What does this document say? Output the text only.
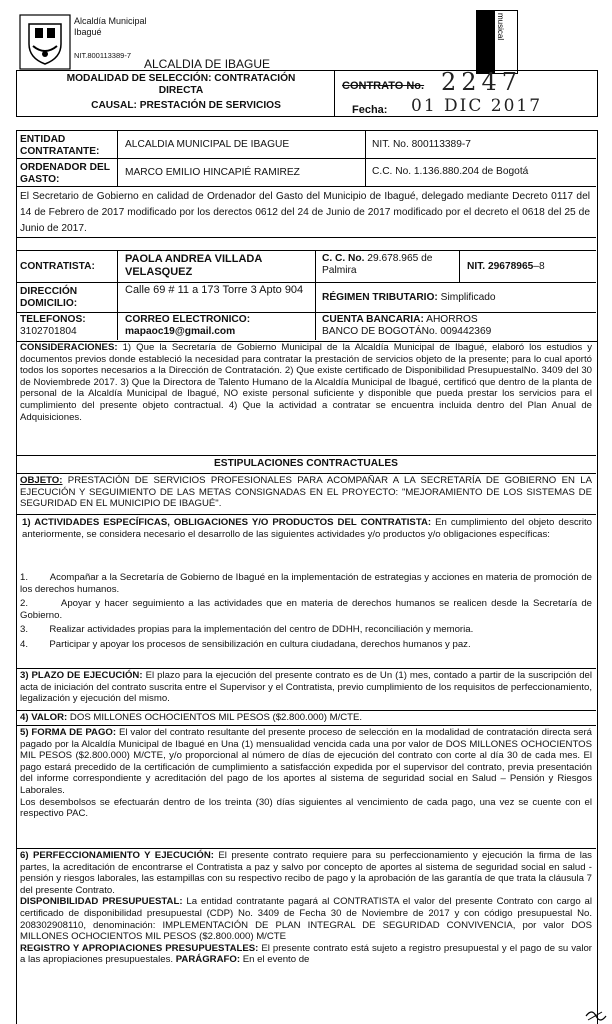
Alcaldía Municipal Ibagué
NIT.800113389-7
ALCALDIA DE IBAGUE
musical
MODALIDAD DE SELECCIÓN: CONTRATACIÓN DIRECTA
CAUSAL: PRESTACIÓN DE SERVICIOS
CONTRATO No. 2247
Fecha: 01 DIC 2017
ENTIDAD CONTRATANTE:
ALCALDIA MUNICIPAL DE IBAGUE	NIT. No. 800113389-7
ORDENADOR DEL GASTO:
MARCO EMILIO HINCAPIÉ RAMIREZ	C.C. No. 1.136.880.204 de Bogotá
El Secretario de Gobierno en calidad de Ordenador del Gasto del Municipio de Ibagué, delegado mediante Decreto 0117 del 14 de Febrero de 2017 modificado por los derectos 0612 del 24 de Junio de 2017 modificado por el decreto el 0618 del 25 de Junio de 2017.
CONTRATISTA:
PAOLA ANDREA VILLADA VELASQUEZ
C. C. No. 29.678.965 de Palmira	NIT. 29678965–8
DIRECCIÓN DOMICILIO:
Calle 69 # 11 a 173 Torre 3 Apto 904
RÉGIMEN TRIBUTARIO: Simplificado
TELEFONOS:
3102701804
CORREO ELECTRONICO:
mapaoc19@gmail.com
CUENTA BANCARIA: AHORROS
BANCO DE BOGOTÁNo. 009442369
CONSIDERACIONES: 1) Que la Secretaría de Gobierno Municipal de la Alcaldía Municipal de Ibagué, elaboró los estudios y documentos previos donde estableció la necesidad para contratar la prestación de servicios objeto de la presente; para lo cual aportó todos los soportes necesarios a la Dirección de Contratación. 2) Que existe certificado de Disponibilidad PresupuestalNo. 3409 del 30 de Noviembrede 2017. 3) Que la Directora de Talento Humano de la Alcaldía Municipal de Ibagué, certificó que dentro de la planta de personal de la Alcaldía Municipal de Ibagué, NO existe personal suficiente y disponible que pueda prestar los servicios para el cumplimiento del presente objeto contractual. 4) Que la actividad a contratar se encuentra incluida dentro del Plan Anual de Adquisiciones.
ESTIPULACIONES CONTRACTUALES
OBJETO: PRESTACIÓN DE SERVICIOS PROFESIONALES PARA ACOMPAÑAR A LA SECRETARÍA DE GOBIERNO EN LA EJECUCIÓN Y SEGUIMIENTO DE LAS METAS CONSIGNADAS EN EL PROYECTO: "MEJORAMIENTO DE LOS SISTEMAS DE SEGURIDAD EN EL MUNICIPIO DE IBAGUÉ".
1) ACTIVIDADES ESPECÍFICAS, OBLIGACIONES Y/O PRODUCTOS DEL CONTRATISTA: En cumplimiento del objeto descrito anteriormente, se considera necesario el desarrollo de las siguientes actividades y/o productos y/o obligaciones específicas:
1. Acompañar a la Secretaría de Gobierno de Ibagué en la implementación de estrategias y acciones en materia de promoción de los derechos humanos.
2.	Apoyar y hacer seguimiento a las actividades que en materia de derechos humanos se realicen desde la Secretaría de Gobierno.
3. Realizar actividades propias para la implementación del centro de DDHH, reconciliación y memoria.
4. Participar y apoyar los procesos de sensibilización en cultura ciudadana, derechos humanos y paz.
3) PLAZO DE EJECUCIÓN: El plazo para la ejecución del presente contrato es de Un (1) mes, contado a partir de la suscripción del acta de iniciación del contrato suscrita entre el Supervisor y el Contratista, previo cumplimiento de los requisitos de perfeccionamiento, legalización y ejecución del mismo.
4) VALOR: DOS MILLONES OCHOCIENTOS MIL PESOS ($2.800.000) M/CTE.
5) FORMA DE PAGO: El valor del contrato resultante del presente proceso de selección en la modalidad de contratación directa será pagado por la Alcaldía Municipal de Ibagué en Una (1) mensualidad vencida cada una por valor de DOS MILLONES OCHOCIENTOS MIL PESOS ($2.800.000) M/CTE, y/o proporcional al número de días de ejecución del contrato con corte al día 30 de cada mes. El pago estará precedido de la certificación de cumplimiento a satisfacción expedida por el supervisor del contrato, previa presentación del informe correspondiente y acreditación del pago de los aportes al sistema de seguridad social en Salud – Pensión y Riesgos Laborales.
Los desembolsos se efectuarán dentro de los treinta (30) días siguientes al vencimiento de cada pago, una vez se cuente con el respectivo PAC.
6) PERFECCIONAMIENTO Y EJECUCIÓN: El presente contrato requiere para su perfeccionamiento y ejecución la firma de las partes, la acreditación de encontrarse el Contratista a paz y salvo por concepto de aportes al sistema de seguridad social en salud - pensión y riesgos laborales, las estampillas con su respectivo recibo de pago y la aprobación de las garantía de que trata la cláusula 7 del presente Contrato.
DISPONIBILIDAD PRESUPUESTAL: La entidad contratante pagará al CONTRATISTA el valor del presente Contrato con cargo al certificado de disponibilidad presupuestal (CDP) No. 3409 de Fecha 30 de Noviembre de 2017 y con código presupuestal No. 208302908110, denominación: IMPLEMENTACIÓN DE PLAN INTEGRAL DE SEGURIDAD CONVIVENCIA, por valor DOS MILLONES OCHOCIENTOS MIL PESOS ($2.800.000) M/CTE
REGISTRO Y APROPIACIONES PRESUPUESTALES: El presente contrato está sujeto a registro presupuestal y el pago de su valor a las apropiaciones presupuestales. PARÁGRAFO: En el evento de
